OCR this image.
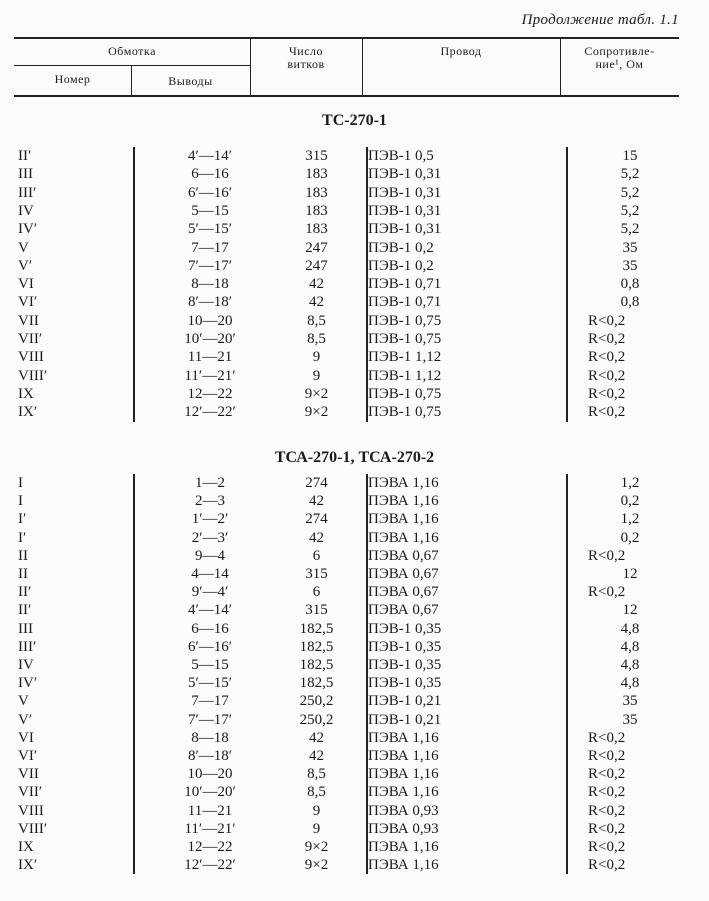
Продолжение табл. 1.1
Обмотка
Номер	Выводы
Число
витков
Провод	Сопротивле-
ние¹, Ом
ТС-270-1
ТСА-270-1, ТСА-270-2
II′	4′—14′	315	ПЭВ-1 0,5	15
III	6—16	183	ПЭВ-1 0,31	5,2
III′	6′—16′	183	ПЭВ-1 0,31	5,2
IV	5—15	183	ПЭВ-1 0,31	5,2
IV′	5′—15′	183	ПЭВ-1 0,31	5,2
V	7—17	247	ПЭВ-1 0,2	35
V′	7′—17′	247	ПЭВ-1 0,2	35
VI	8—18	42	ПЭВ-1 0,71	0,8
VI′	8′—18′	42	ПЭВ-1 0,71	0,8
VII	10—20	8,5	ПЭВ-1 0,75	R<0,2
VII′	10′—20′	8,5	ПЭВ-1 0,75	R<0,2
VIII	11—21	9	ПЭВ-1 1,12	R<0,2
VIII′	11′—21′	9	ПЭВ-1 1,12	R<0,2
IX	12—22	9×2	ПЭВ-1 0,75	R<0,2
IX′	12′—22′	9×2	ПЭВ-1 0,75	R<0,2
I	1—2	274	ПЭВА 1,16	1,2
I	2—3	42	ПЭВА 1,16	0,2
I′	1′—2′	274	ПЭВА 1,16	1,2
I′	2′—3′	42	ПЭВА 1,16	0,2
II	9—4	6	ПЭВА 0,67	R<0,2
II	4—14	315	ПЭВА 0,67	12
II′	9′—4′	6	ПЭВА 0,67	R<0,2
II′	4′—14′	315	ПЭВА 0,67	12
III	6—16	182,5	ПЭВ-1 0,35	4,8
III′	6′—16′	182,5	ПЭВ-1 0,35	4,8
IV	5—15	182,5	ПЭВ-1 0,35	4,8
IV′	5′—15′	182,5	ПЭВ-1 0,35	4,8
V	7—17	250,2	ПЭВ-1 0,21	35
V′	7′—17′	250,2	ПЭВ-1 0,21	35
VI	8—18	42	ПЭВА 1,16	R<0,2
VI′	8′—18′	42	ПЭВА 1,16	R<0,2
VII	10—20	8,5	ПЭВА 1,16	R<0,2
VII′	10′—20′	8,5	ПЭВА 1,16	R<0,2
VIII	11—21	9	ПЭВА 0,93	R<0,2
VIII′	11′—21′	9	ПЭВА 0,93	R<0,2
IX	12—22	9×2	ПЭВА 1,16	R<0,2
IX′	12′—22′	9×2	ПЭВА 1,16	R<0,2
